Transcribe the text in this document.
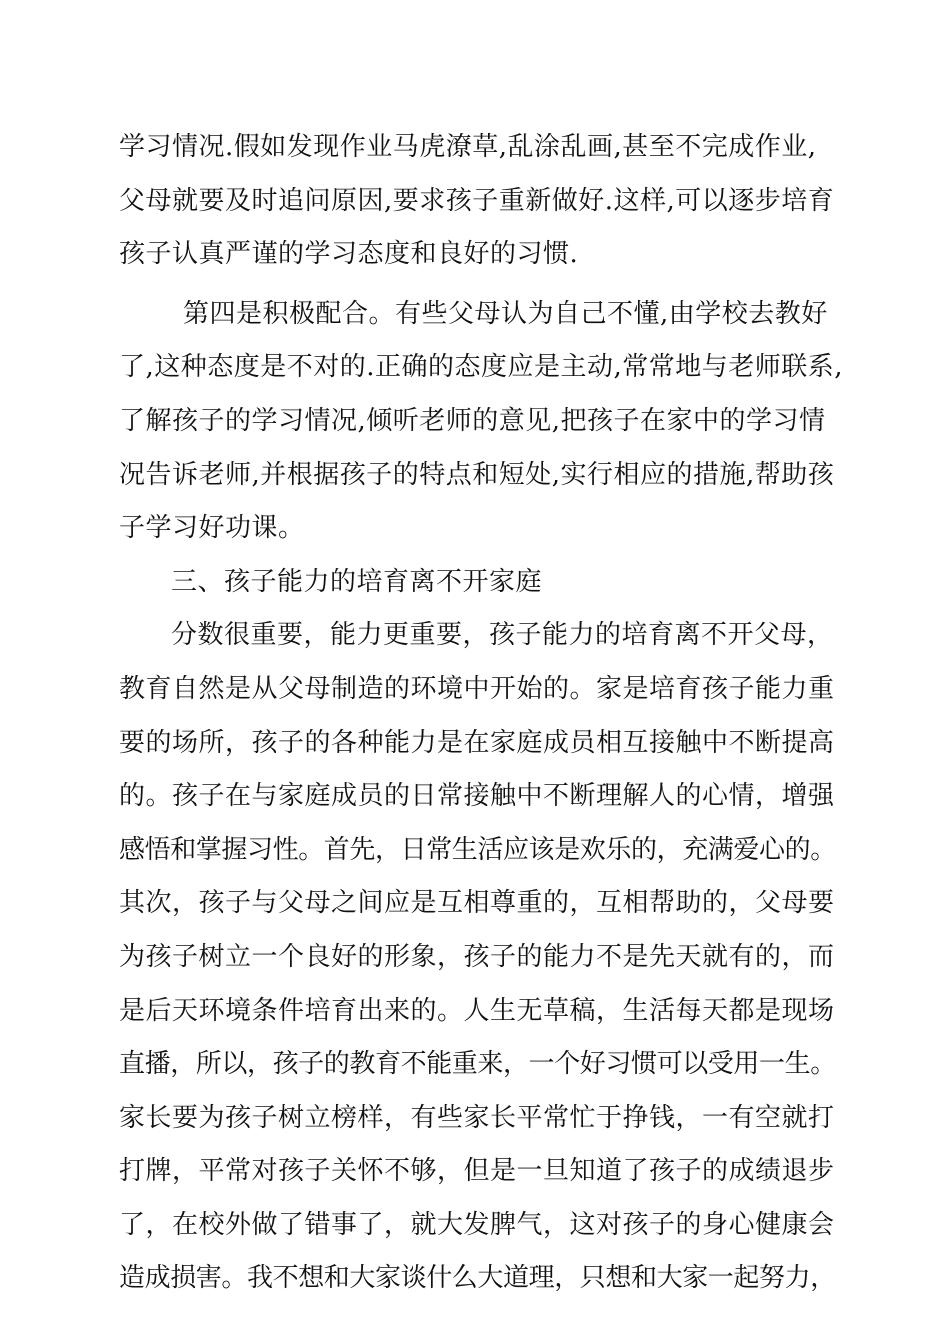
学习情况.假如发现作业马虎潦草,乱涂乱画,甚至不完成作业,
父母就要及时追问原因,要求孩子重新做好.这样,可以逐步培育
孩子认真严谨的学习态度和良好的习惯.
第四是积极配合。有些父母认为自己不懂,由学校去教好
了,这种态度是不对的.正确的态度应是主动,常常地与老师联系,
了解孩子的学习情况,倾听老师的意见,把孩子在家中的学习情
况告诉老师,并根据孩子的特点和短处,实行相应的措施,帮助孩
子学习好功课。
三、孩子能力的培育离不开家庭
分数很重要，能力更重要，孩子能力的培育离不开父母，
教育自然是从父母制造的环境中开始的。家是培育孩子能力重
要的场所，孩子的各种能力是在家庭成员相互接触中不断提高
的。孩子在与家庭成员的日常接触中不断理解人的心情，增强
感悟和掌握习性。首先，日常生活应该是欢乐的，充满爱心的。
其次，孩子与父母之间应是互相尊重的，互相帮助的，父母要
为孩子树立一个良好的形象，孩子的能力不是先天就有的，而
是后天环境条件培育出来的。人生无草稿，生活每天都是现场
直播，所以，孩子的教育不能重来，一个好习惯可以受用一生。
家长要为孩子树立榜样，有些家长平常忙于挣钱，一有空就打
打牌，平常对孩子关怀不够，但是一旦知道了孩子的成绩退步
了，在校外做了错事了，就大发脾气，这对孩子的身心健康会
造成损害。我不想和大家谈什么大道理，只想和大家一起努力，
